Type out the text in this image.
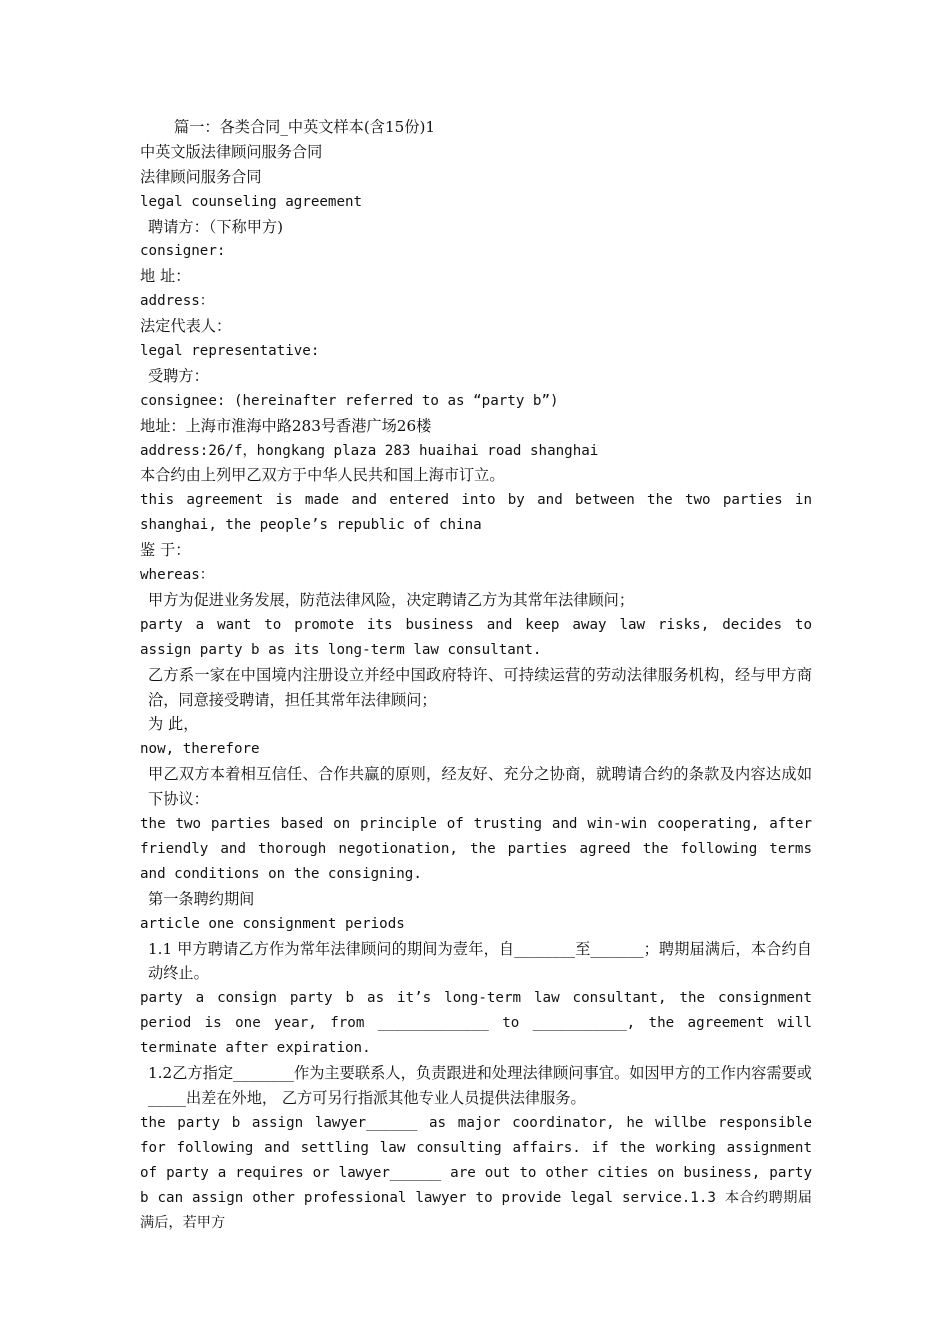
篇一：各类合同_中英文样本(含15份)1
中英文版法律顾问服务合同
法律顾问服务合同
legal counseling agreement
聘请方：（下称甲方)
consigner:
地 址：
address：
法定代表人：
legal representative:
受聘方：
consignee: (hereinafter referred to as “party b”)
地址：上海市淮海中路283号香港广场26楼
address:26/f，hongkang plaza 283 huaihai road shanghai
本合约由上列甲乙双方于中华人民共和国上海市订立。
this agreement is made and entered into by and between the two parties in shanghai, the people’s republic of china
鉴 于：
whereas：
甲方为促进业务发展，防范法律风险，决定聘请乙方为其常年法律顾问；
party a want to promote its business and keep away law risks, decides to assign party b as its long-term law consultant.
乙方系一家在中国境内注册设立并经中国政府特许、可持续运营的劳动法律服务机构，经与甲方商洽，同意接受聘请，担任其常年法律顾问；
为 此，
now, therefore
甲乙双方本着相互信任、合作共赢的原则，经友好、充分之协商，就聘请合约的条款及内容达成如下协议：
the two parties based on principle of trusting and win-win cooperating, after friendly and thorough negotionation, the parties agreed the following terms and conditions on the consigning.
第一条聘约期间
article one consignment periods
1.1 甲方聘请乙方作为常年法律顾问的期间为壹年，自________至_______；聘期届满后，本合约自动终止。
party a consign party b as it’s long-term law consultant, the consignment period is one year, from _____________ to ___________, the agreement will terminate after expiration.
1.2乙方指定________作为主要联系人，负责跟进和处理法律顾问事宜。如因甲方的工作内容需要或_____出差在外地， 乙方可另行指派其他专业人员提供法律服务。
the party b assign lawyer______ as major coordinator, he willbe responsible for following and settling law consulting affairs. if the working assignment of party a requires or lawyer______ are out to other cities on business, party b can assign other professional lawyer to provide legal service.1.3 本合约聘期届满后，若甲方
